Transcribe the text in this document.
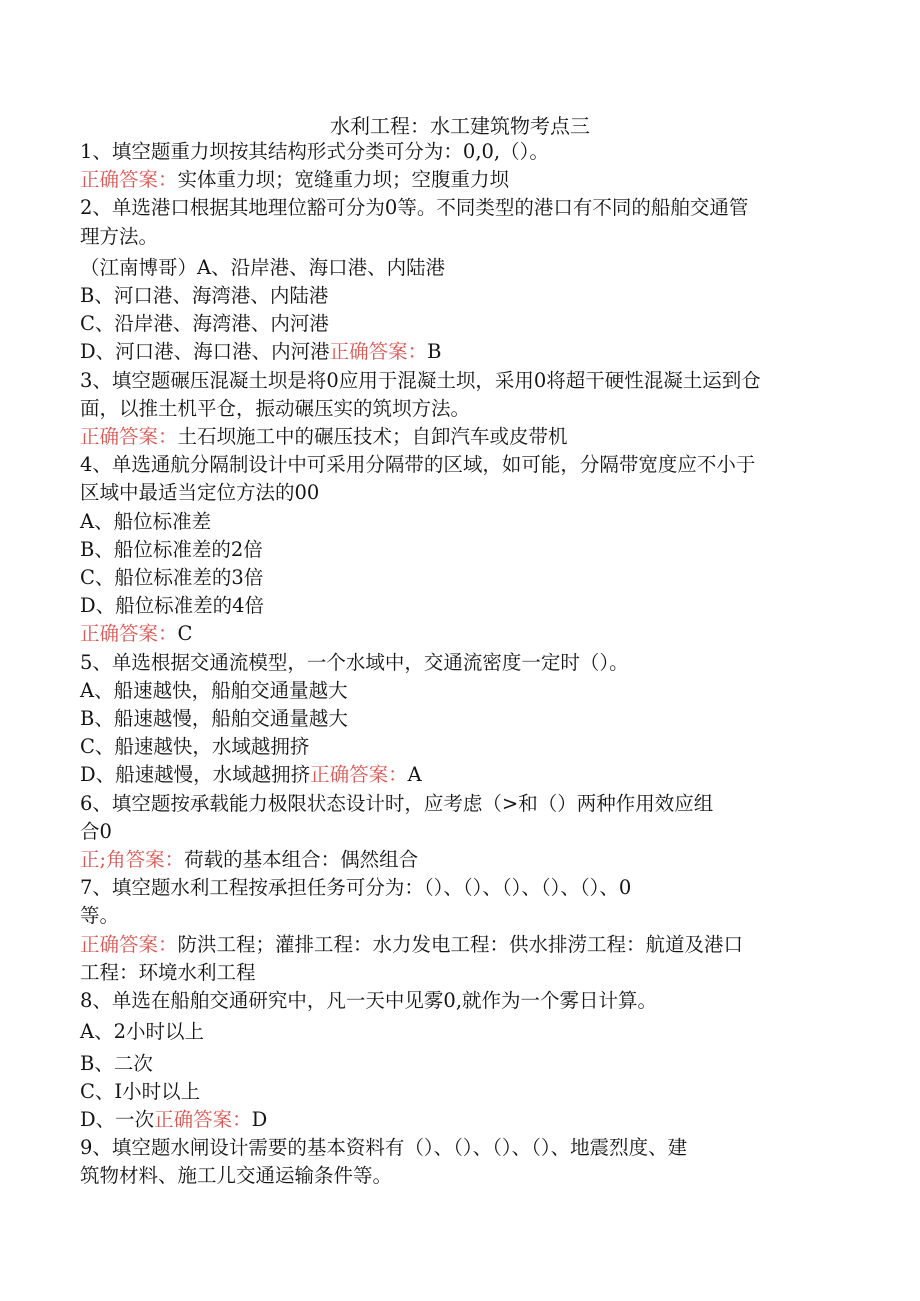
水利工程：水工建筑物考点三
1、填空题重力坝按其结构形式分类可分为：0,0,（）。
正确答案：实体重力坝；宽缝重力坝；空腹重力坝
2、单选港口根据其地理位豁可分为0等。不同类型的港口有不同的船舶交通管
理方法。
（江南博哥）A、沿岸港、海口港、内陆港
B、河口港、海湾港、内陆港
C、沿岸港、海湾港、内河港
D、河口港、海口港、内河港正确答案：B
3、填空题碾压混凝土坝是将0应用于混凝土坝，采用0将超干硬性混凝土运到仓
面，以推土机平仓，振动碾压实的筑坝方法。
正确答案：土石坝施工中的碾压技术；自卸汽车或皮带机
4、单选通航分隔制设计中可采用分隔带的区域，如可能，分隔带宽度应不小于
区域中最适当定位方法的00
A、船位标准差
B、船位标准差的2倍
C、船位标准差的3倍
D、船位标准差的4倍
正确答案：C
5、单选根据交通流模型，一个水域中，交通流密度一定时（）。
A、船速越快，船舶交通量越大
B、船速越慢，船舶交通量越大
C、船速越快，水域越拥挤
D、船速越慢，水域越拥挤正确答案：A
6、填空题按承载能力极限状态设计时，应考虑（>和（）两种作用效应组
合0
正;角答案：荷载的基本组合：偶然组合
7、填空题水利工程按承担任务可分为：（）、（）、（）、（）、（）、0
等。
正确答案：防洪工程；灌排工程：水力发电工程：供水排涝工程：航道及港口
工程：环境水利工程
8、单选在船舶交通研究中，凡一天中见雾0,就作为一个雾日计算。
A、2小时以上
B、二次
C、I小时以上
D、一次正确答案：D
9、填空题水闸设计需要的基本资料有（）、（）、（）、（）、地震烈度、建
筑物材料、施工儿交通运输条件等。
